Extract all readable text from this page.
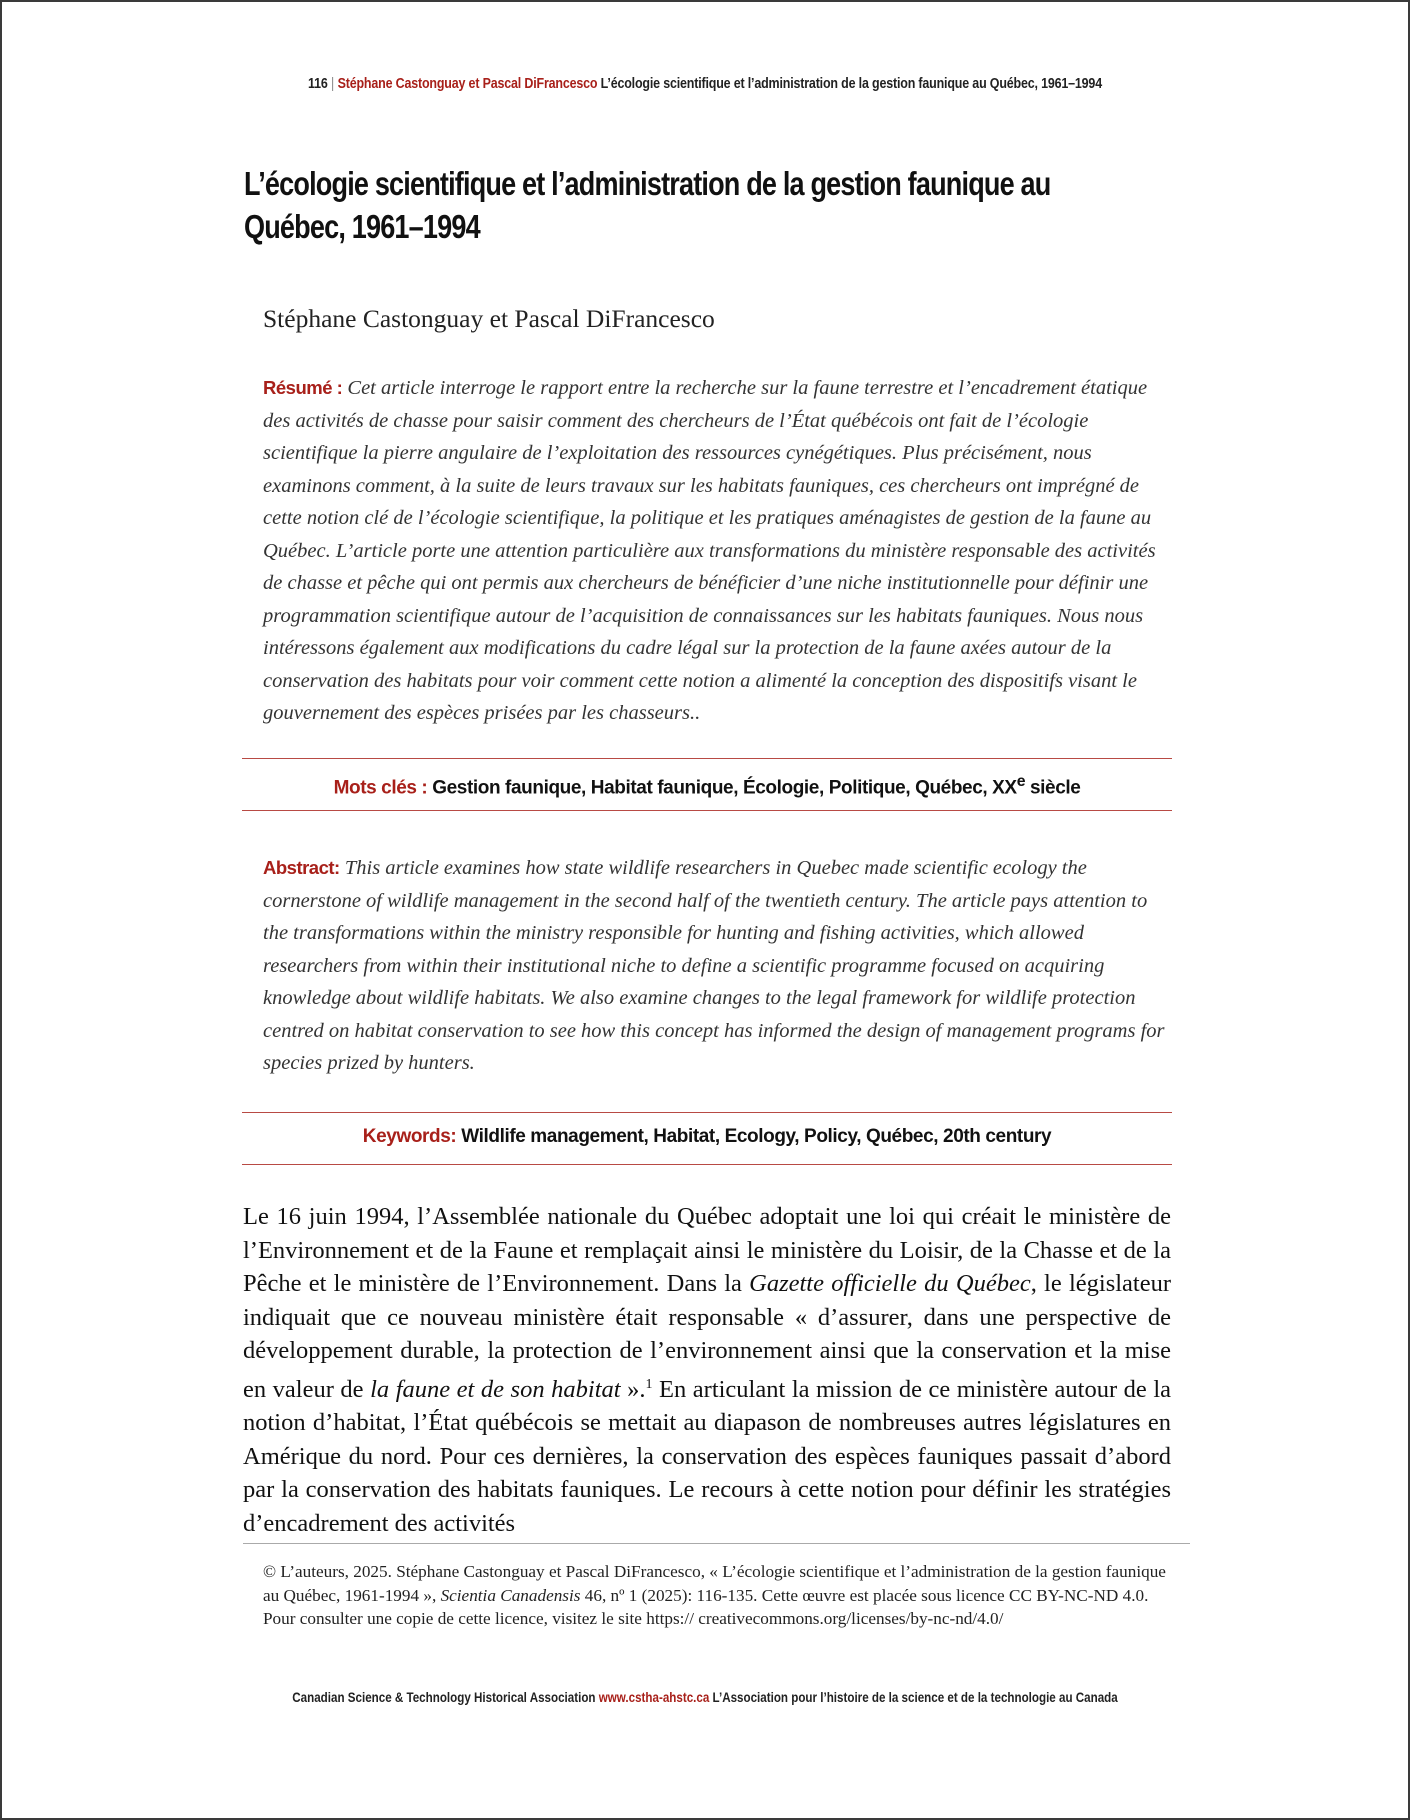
116 | Stéphane Castonguay et Pascal DiFrancesco L’écologie scientifique et l’administration de la gestion faunique au Québec, 1961–1994
L’écologie scientifique et l’administration de la gestion faunique au
Québec, 1961–1994
Stéphane Castonguay et Pascal DiFrancesco
Résumé : Cet article interroge le rapport entre la recherche sur la faune terrestre et l’encadrement étatique des activités de chasse pour saisir comment des chercheurs de l’État québécois ont fait de l’écologie scientifique la pierre angulaire de l’exploitation des ressources cynégétiques. Plus précisément, nous examinons comment, à la suite de leurs travaux sur les habitats fauniques, ces chercheurs ont imprégné de cette notion clé de l’écologie scientifique, la politique et les pratiques aménagistes de gestion de la faune au Québec. L’article porte une attention particulière aux transformations du ministère responsable des activités de chasse et pêche qui ont permis aux chercheurs de bénéficier d’une niche institutionnelle pour définir une programmation scientifique autour de l’acquisition de connaissances sur les habitats fauniques. Nous nous intéressons également aux modifications du cadre légal sur la protection de la faune axées autour de la conservation des habitats pour voir comment cette notion a alimenté la conception des dispositifs visant le gouvernement des espèces prisées par les chasseurs..
Mots clés : Gestion faunique, Habitat faunique, Écologie, Politique, Québec, XXe siècle
Abstract: This article examines how state wildlife researchers in Quebec made scientific ecology the cornerstone of wildlife management in the second half of the twentieth century. The article pays attention to the transformations within the ministry responsible for hunting and fishing activities, which allowed researchers from within their institutional niche to define a scientific programme focused on acquiring knowledge about wildlife habitats. We also examine changes to the legal framework for wildlife protection centred on habitat conservation to see how this concept has informed the design of management programs for species prized by hunters.
Keywords: Wildlife management, Habitat, Ecology, Policy, Québec, 20th century
Le 16 juin 1994, l’Assemblée nationale du Québec adoptait une loi qui créait le ministère de l’Environnement et de la Faune et remplaçait ainsi le ministère du Loisir, de la Chasse et de la Pêche et le ministère de l’Environnement. Dans la Gazette officielle du Québec, le législateur indiquait que ce nouveau ministère était responsable « d’assurer, dans une perspective de développement durable, la protection de l’environnement ainsi que la conservation et la mise en valeur de la faune et de son habitat ».$^1$ En articulant la mission de ce ministère autour de la notion d’habitat, l’État québécois se mettait au diapason de nombreuses autres législatures en Amérique du nord. Pour ces dernières, la conservation des espèces fauniques passait d’abord par la conservation des habitats fauniques. Le recours à cette notion pour définir les stratégies d’encadrement des activités
© L’auteurs, 2025. Stéphane Castonguay et Pascal DiFrancesco, « L’écologie scientifique et l’administration de la gestion faunique au Québec, 1961-1994 », Scientia Canadensis 46, nº 1 (2025): 116-135. Cette œuvre est placée sous licence CC BY-NC-ND 4.0. Pour consulter une copie de cette licence, visitez le site https:// creativecommons.org/licenses/by-nc-nd/4.0/
Canadian Science & Technology Historical Association www.cstha-ahstc.ca L’Association pour l’histoire de la science et de la technologie au Canada
